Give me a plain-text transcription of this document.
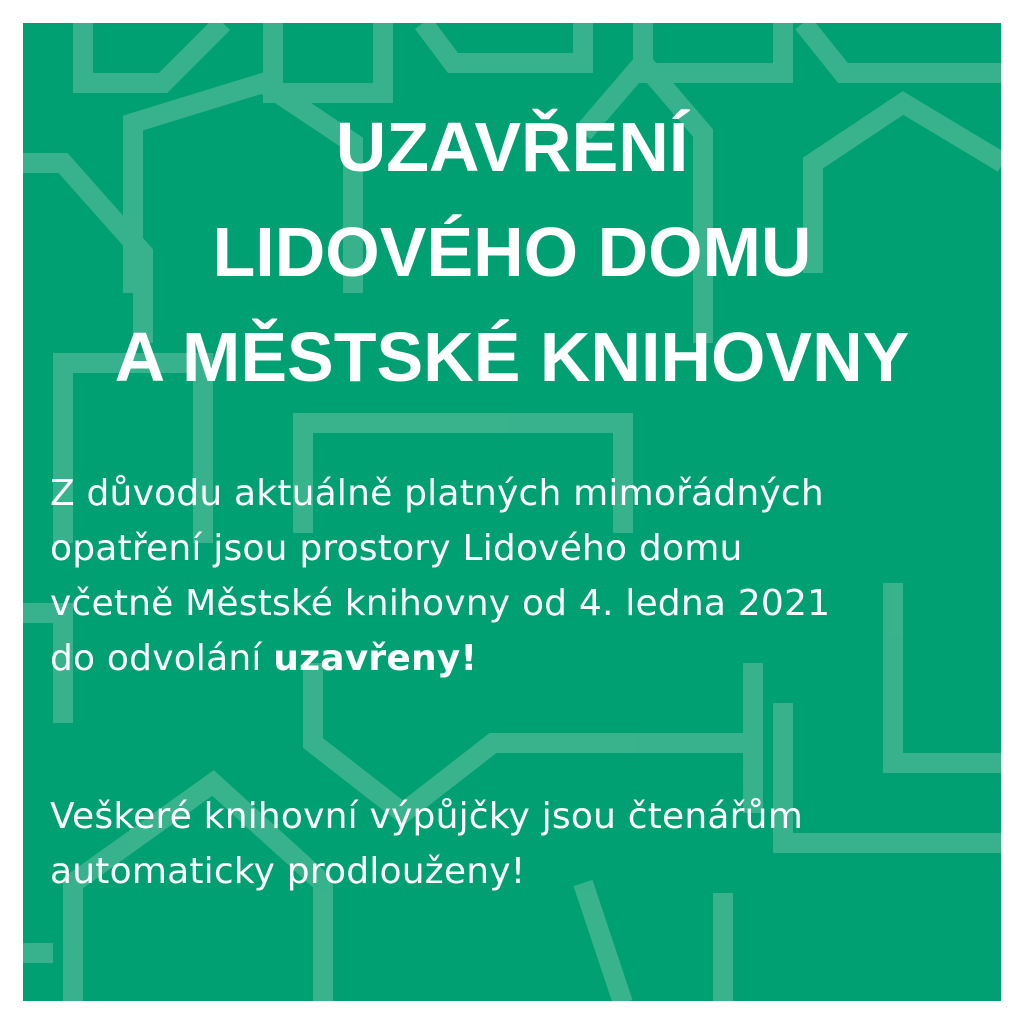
UZAVŘENÍ
LIDOVÉHO DOMU
A MĚSTSKÉ KNIHOVNY

Z důvodu aktuálně platných mimořádných
opatření jsou prostory Lidového domu
včetně Městské knihovny od 4. ledna 2021
do odvolání uzavřeny!

Veškeré knihovní výpůjčky jsou čtenářům
automaticky prodlouženy!
